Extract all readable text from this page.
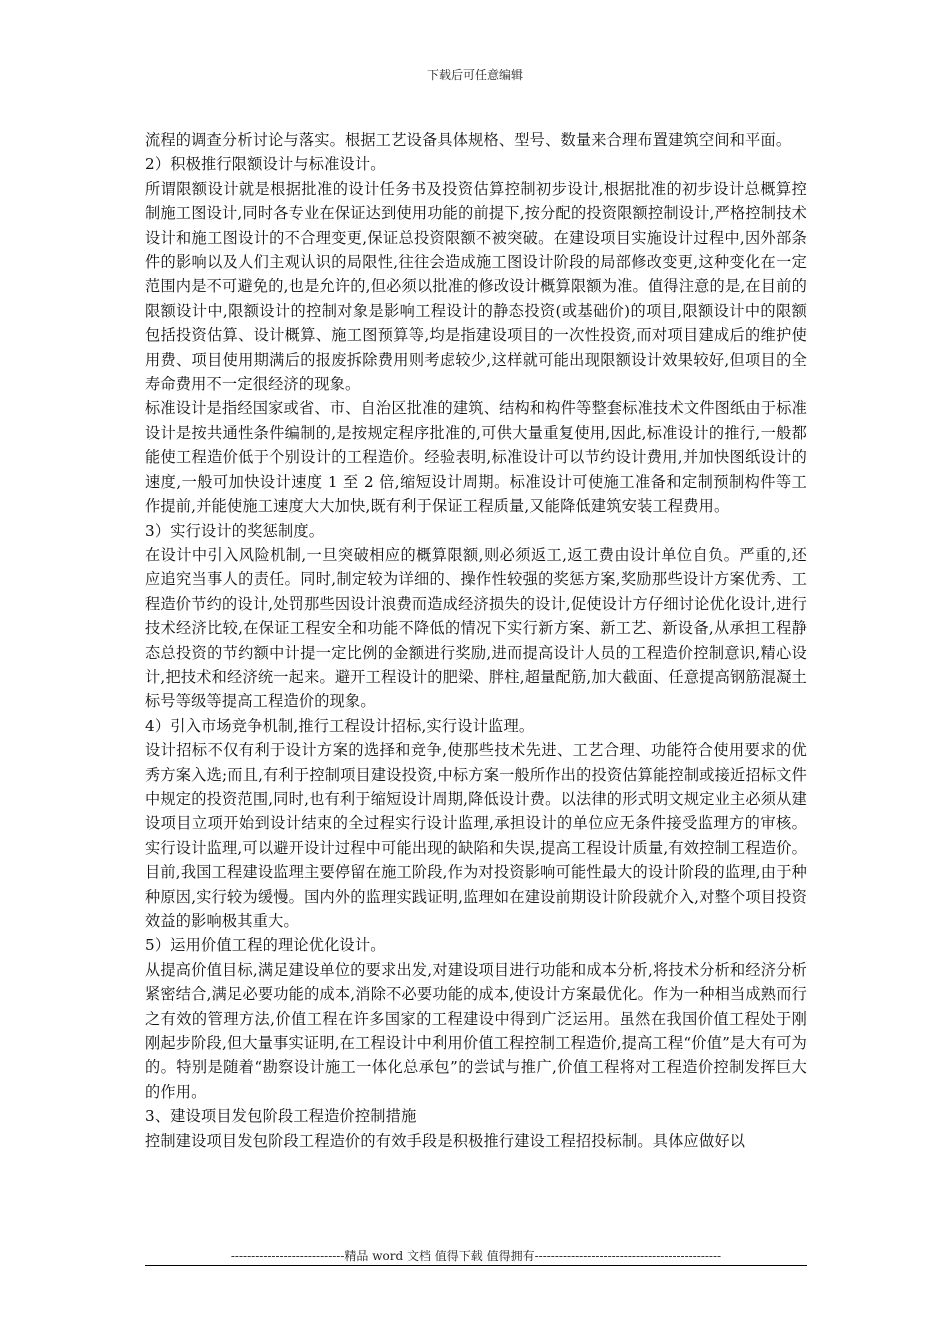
下载后可任意编辑

流程的调查分析讨论与落实。根据工艺设备具体规格、型号、数量来合理布置建筑空间和平面。

2）积极推行限额设计与标准设计。

所谓限额设计就是根据批准的设计任务书及投资估算控制初步设计,根据批准的初步设计总概算控制施工图设计,同时各专业在保证达到使用功能的前提下,按分配的投资限额控制设计,严格控制技术设计和施工图设计的不合理变更,保证总投资限额不被突破。在建设项目实施设计过程中,因外部条件的影响以及人们主观认识的局限性,往往会造成施工图设计阶段的局部修改变更,这种变化在一定范围内是不可避免的,也是允许的,但必须以批准的修改设计概算限额为准。值得注意的是,在目前的限额设计中,限额设计的控制对象是影响工程设计的静态投资(或基础价)的项目,限额设计中的限额包括投资估算、设计概算、施工图预算等,均是指建设项目的一次性投资,而对项目建成后的维护使用费、项目使用期满后的报废拆除费用则考虑较少,这样就可能出现限额设计效果较好,但项目的全寿命费用不一定很经济的现象。

标准设计是指经国家或省、市、自治区批准的建筑、结构和构件等整套标准技术文件图纸由于标准设计是按共通性条件编制的,是按规定程序批准的,可供大量重复使用,因此,标准设计的推行,一般都能使工程造价低于个别设计的工程造价。经验表明,标准设计可以节约设计费用,并加快图纸设计的速度,一般可加快设计速度 1 至 2 倍,缩短设计周期。标准设计可使施工准备和定制预制构件等工作提前,并能使施工速度大大加快,既有利于保证工程质量,又能降低建筑安装工程费用。

3）实行设计的奖惩制度。

在设计中引入风险机制,一旦突破相应的概算限额,则必须返工,返工费由设计单位自负。严重的,还应追究当事人的责任。同时,制定较为详细的、操作性较强的奖惩方案,奖励那些设计方案优秀、工程造价节约的设计,处罚那些因设计浪费而造成经济损失的设计,促使设计方仔细讨论优化设计,进行技术经济比较,在保证工程安全和功能不降低的情况下实行新方案、新工艺、新设备,从承担工程静态总投资的节约额中计提一定比例的金额进行奖励,进而提高设计人员的工程造价控制意识,精心设计,把技术和经济统一起来。避开工程设计的肥梁、胖柱,超量配筋,加大截面、任意提高钢筋混凝土标号等级等提高工程造价的现象。

4）引入市场竞争机制,推行工程设计招标,实行设计监理。

设计招标不仅有利于设计方案的选择和竞争,使那些技术先进、工艺合理、功能符合使用要求的优秀方案入选;而且,有利于控制项目建设投资,中标方案一般所作出的投资估算能控制或接近招标文件中规定的投资范围,同时,也有利于缩短设计周期,降低设计费。以法律的形式明文规定业主必须从建设项目立项开始到设计结束的全过程实行设计监理,承担设计的单位应无条件接受监理方的审核。实行设计监理,可以避开设计过程中可能出现的缺陷和失误,提高工程设计质量,有效控制工程造价。目前,我国工程建设监理主要停留在施工阶段,作为对投资影响可能性最大的设计阶段的监理,由于种种原因,实行较为缓慢。国内外的监理实践证明,监理如在建设前期设计阶段就介入,对整个项目投资效益的影响极其重大。

5）运用价值工程的理论优化设计。

从提高价值目标,满足建设单位的要求出发,对建设项目进行功能和成本分析,将技术分析和经济分析紧密结合,满足必要功能的成本,消除不必要功能的成本,使设计方案最优化。作为一种相当成熟而行之有效的管理方法,价值工程在许多国家的工程建设中得到广泛运用。虽然在我国价值工程处于刚刚起步阶段,但大量事实证明,在工程设计中利用价值工程控制工程造价,提高工程“价值”是大有可为的。特别是随着“勘察设计施工一体化总承包”的尝试与推广,价值工程将对工程造价控制发挥巨大的作用。

3、建设项目发包阶段工程造价控制措施

控制建设项目发包阶段工程造价的有效手段是积极推行建设工程招投标制。具体应做好以

----------------------------精品 word 文档 值得下载 值得拥有----------------------------------------------
